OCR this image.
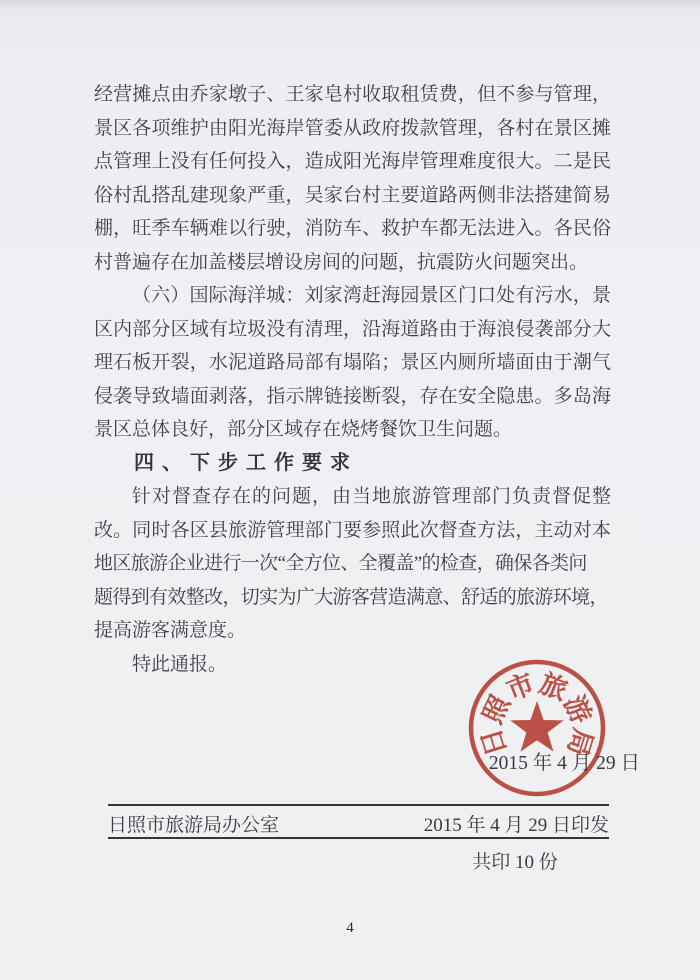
经营摊点由乔家墩子、王家皂村收取租赁费，但不参与管理，
景区各项维护由阳光海岸管委从政府拨款管理，各村在景区摊
点管理上没有任何投入，造成阳光海岸管理难度很大。二是民
俗村乱搭乱建现象严重，吴家台村主要道路两侧非法搭建简易
棚，旺季车辆难以行驶，消防车、救护车都无法进入。各民俗
村普遍存在加盖楼层增设房间的问题，抗震防火问题突出。
（六）国际海洋城：刘家湾赶海园景区门口处有污水，景
区内部分区域有垃圾没有清理，沿海道路由于海浪侵袭部分大
理石板开裂，水泥道路局部有塌陷；景区内厕所墙面由于潮气
侵袭导致墙面剥落，指示牌链接断裂，存在安全隐患。多岛海
景区总体良好，部分区域存在烧烤餐饮卫生问题。
四、下步工作要求
针对督查存在的问题，由当地旅游管理部门负责督促整
改。同时各区县旅游管理部门要参照此次督查方法，主动对本
地区旅游企业进行一次“全方位、全覆盖”的检查，确保各类问
题得到有效整改，切实为广大游客营造满意、舒适的旅游环境，
提高游客满意度。
特此通报。
2015 年 4 月 29 日
日
照
市
旅
游
局
日照市旅游局办公室	2015 年 4 月 29 日印发
共印 10 份
4
